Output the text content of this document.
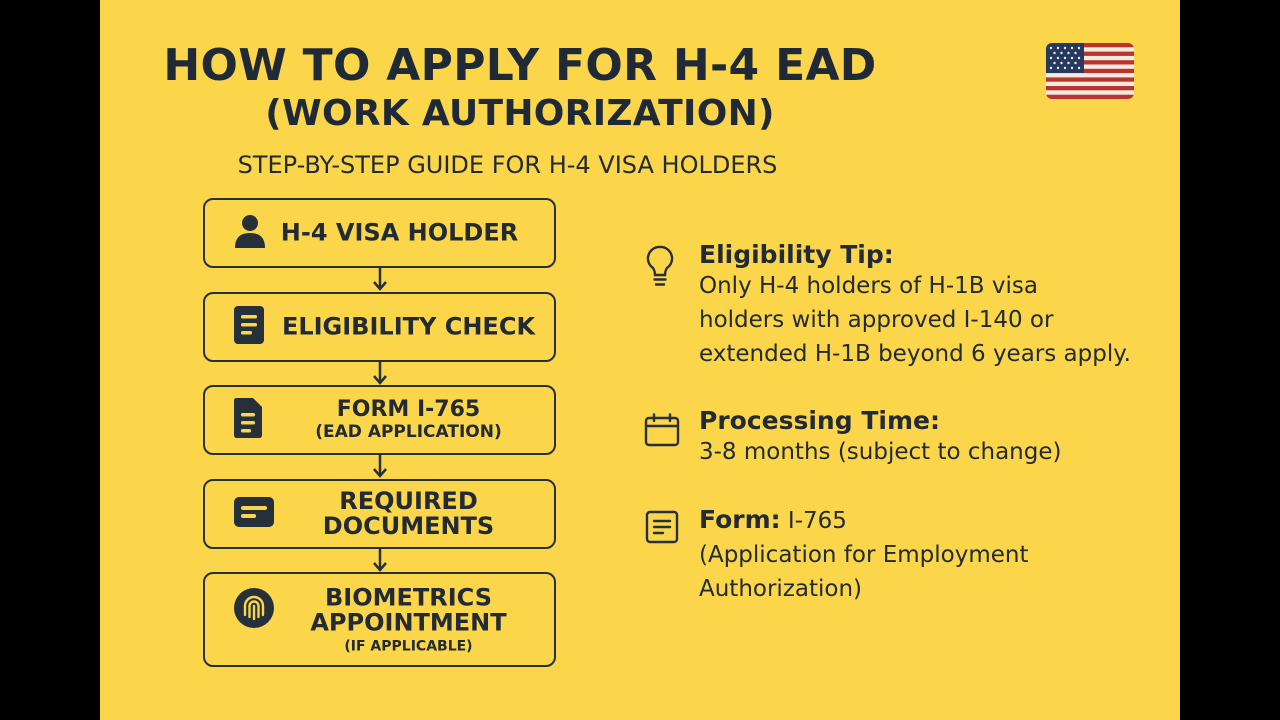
HOW TO APPLY FOR H-4 EAD
(WORK AUTHORIZATION)
STEP-BY-STEP GUIDE FOR H-4 VISA HOLDERS
H-4 VISA HOLDER
ELIGIBILITY CHECK
FORM I-765
(EAD APPLICATION)
REQUIRED
DOCUMENTS
BIOMETRICS
APPOINTMENT
(IF APPLICABLE)
Eligibility Tip:
Only H-4 holders of H-1B visa
holders with approved I-140 or
extended H-1B beyond 6 years apply.
Processing Time:
3-8 months (subject to change)
Form: I-765
(Application for Employment
Authorization)
